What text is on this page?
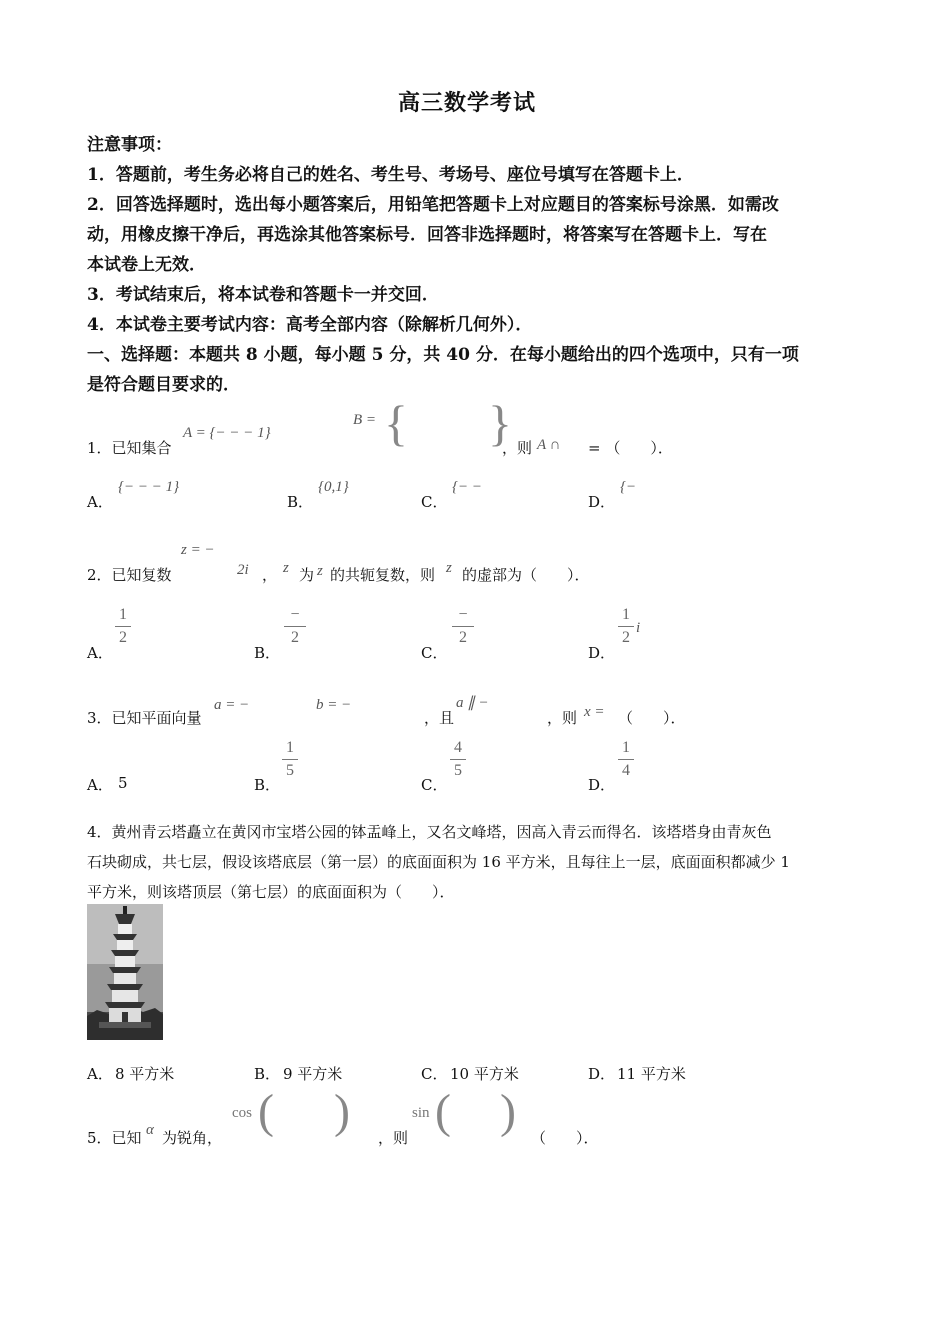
高三数学考试
注意事项：
1．答题前，考生务必将自己的姓名、考生号、考场号、座位号填写在答题卡上．
2．回答选择题时，选出每小题答案后，用铅笔把答题卡上对应题目的答案标号涂黑．如需改
动，用橡皮擦干净后，再选涂其他答案标号．回答非选择题时，将答案写在答题卡上．写在
本试卷上无效．
3．考试结束后，将本试卷和答题卡一并交回．
4．本试卷主要考试内容：高考全部内容（除解析几何外）．
一、选择题：本题共 8 小题，每小题 5 分，共 40 分．在每小题给出的四个选项中，只有一项
是符合题目要求的．
1．已知集合
A = {− − − 1}
B = { }
，则 A ∩ = （　　）．
A．
{− − − 1}
B．
{0,1}
C．
{− −
D．
{−
2．已知复数
z = −
2i ， z 为 z 的共轭复数，则 z 的虚部为（　　）．
A．
1
2
B．
−
2
C．
−
2
D．
1
2
i
3．已知平面向量
a = −	b = −
，且
a ∥ −
，则 x = （　　）．
A． 5	B．
1
5
C．
4
5
D．
1
4
4．黄州青云塔矗立在黄冈市宝塔公园的钵盂峰上，又名文峰塔，因高入青云而得名．该塔塔身由青灰色
石块砌成，共七层，假设该塔底层（第一层）的底面面积为 16 平方米，且每往上一层，底面面积都减少 1
平方米，则该塔顶层（第七层）的底面面积为（　　）．
A． 8 平方米	B． 9 平方米	C． 10 平方米	D． 11 平方米
5．已知 α 为锐角，
cos ( ) ，则
sin ( ) （　　）．
